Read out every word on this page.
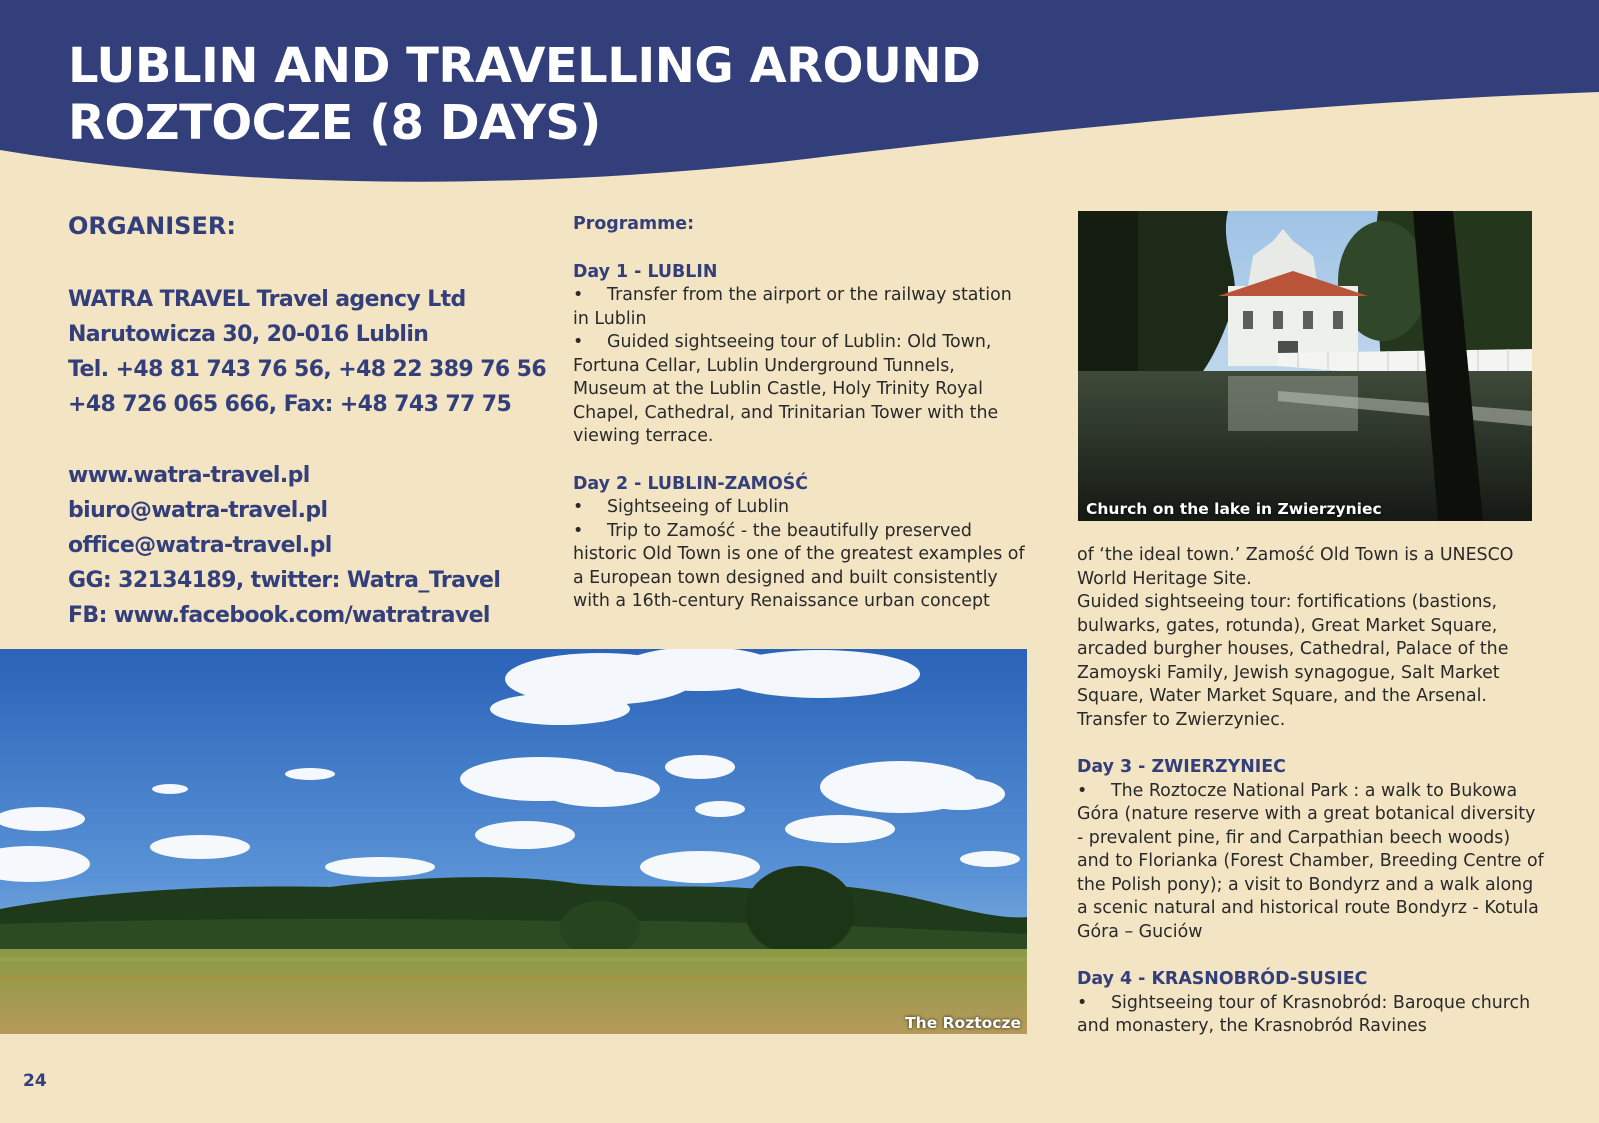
LUBLIN AND TRAVELLING AROUND
ROZTOCZE (8 DAYS)
ORGANISER:
WATRA TRAVEL Travel agency Ltd
Narutowicza 30, 20-016 Lublin
Tel. +48 81 743 76 56, +48 22 389 76 56
+48 726 065 666, Fax: +48 743 77 75
www.watra-travel.pl
biuro@watra-travel.pl
office@watra-travel.pl
GG: 32134189, twitter: Watra_Travel
FB: www.facebook.com/watratravel
Programme:
Day 1 - LUBLIN
• Transfer from the airport or the railway station in Lublin
• Guided sightseeing tour of Lublin: Old Town, Fortuna Cellar, Lublin Underground Tunnels, Museum at the Lublin Castle, Holy Trinity Royal Chapel, Cathedral, and Trinitarian Tower with the viewing terrace.
Day 2 - LUBLIN-ZAMOŚĆ
• Sightseeing of Lublin
• Trip to Zamość - the beautifully preserved historic Old Town is one of the greatest examples of a European town designed and built consistently with a 16th-century Renaissance urban concept
Church on the lake in Zwierzyniec

of ‘the ideal town.’ Zamość Old Town is a UNESCO World Heritage Site.

Guided sightseeing tour: fortifications (bastions, bulwarks, gates, rotunda), Great Market Square, arcaded burgher houses, Cathedral, Palace of the Zamoyski Family, Jewish synagogue, Salt Market Square, Water Market Square, and the Arsenal.

Transfer to Zwierzyniec.

Day 3 - ZWIERZYNIEC
• The Roztocze National Park : a walk to Bukowa Góra (nature reserve with a great botanical diversity - prevalent pine, fir and Carpathian beech woods) and to Florianka (Forest Chamber, Breeding Centre of the Polish pony); a visit to Bondyrz and a walk along a scenic natural and historical route Bondyrz - Kotula Góra – Guciów
Day 4 - KRASNOBRÓD-SUSIEC
• Sightseeing tour of Krasnobród: Baroque church and monastery, the Krasnobród Ravines
The Roztocze
24
